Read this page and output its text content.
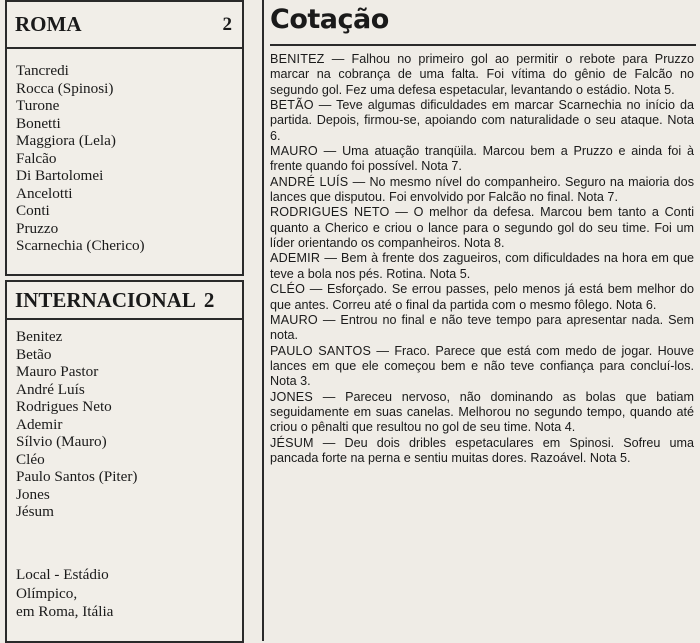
ROMA	2
Tancredi
Rocca (Spinosi)
Turone
Bonetti
Maggiora (Lela)
Falcão
Di Bartolomei
Ancelotti
Conti
Pruzzo
Scarnechia (Cherico)
INTERNACIONAL 2
Benitez
Betão
Mauro Pastor
André Luís
Rodrigues Neto
Ademir
Sílvio (Mauro)
Cléo
Paulo Santos (Piter)
Jones
Jésum
Local - Estádio
Olímpico,
em Roma, Itália
Cotação

BENITEZ — Falhou no primeiro gol ao permitir o rebote para Pruzzo marcar na cobrança de uma falta. Foi vítima do gênio de Falcão no segundo gol. Fez uma defesa espetacular, levantando o estádio. Nota 5.

BETÃO — Teve algumas dificuldades em marcar Scarnechia no início da partida. Depois, firmou-se, apoiando com naturalidade o seu ataque. Nota 6.

MAURO — Uma atuação tranqüila. Marcou bem a Pruzzo e ainda foi à frente quando foi possível. Nota 7.

ANDRÉ LUÍS — No mesmo nível do companheiro. Seguro na maioria dos lances que disputou. Foi envolvido por Falcão no final. Nota 7.

RODRIGUES NETO — O melhor da defesa. Marcou bem tanto a Conti quanto a Cherico e criou o lance para o segundo gol do seu time. Foi um líder orientando os companheiros. Nota 8.

ADEMIR — Bem à frente dos zagueiros, com dificuldades na hora em que teve a bola nos pés. Rotina. Nota 5.

CLÉO — Esforçado. Se errou passes, pelo menos já está bem melhor do que antes. Correu até o final da partida com o mesmo fôlego. Nota 6.

MAURO — Entrou no final e não teve tempo para apresentar nada. Sem nota.

PAULO SANTOS — Fraco. Parece que está com medo de jogar. Houve lances em que ele começou bem e não teve confiança para concluí-los. Nota 3.

JONES — Pareceu nervoso, não dominando as bolas que batiam seguidamente em suas canelas. Melhorou no segundo tempo, quando até criou o pênalti que resultou no gol de seu time. Nota 4.

JÉSUM — Deu dois dribles espetaculares em Spinosi. Sofreu uma pancada forte na perna e sentiu muitas dores. Razoável. Nota 5.
